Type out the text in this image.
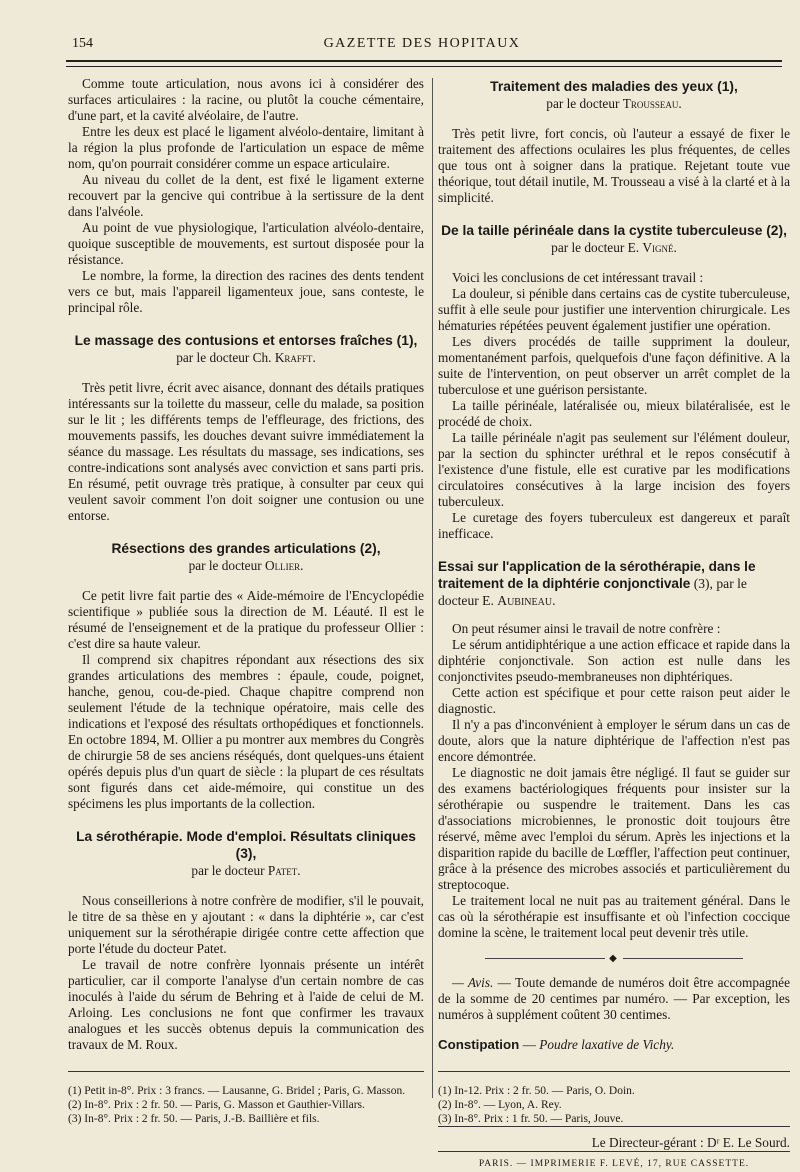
154	GAZETTE DES HOPITAUX

Comme toute articulation, nous avons ici à considérer des surfaces articulaires : la racine, ou plutôt la couche cémentaire, d'une part, et la cavité alvéolaire, de l'autre.

Entre les deux est placé le ligament alvéolo-dentaire, limitant à la région la plus profonde de l'articulation un espace de même nom, qu'on pourrait considérer comme un espace articulaire.

Au niveau du collet de la dent, est fixé le ligament externe recouvert par la gencive qui contribue à la sertissure de la dent dans l'alvéole.

Au point de vue physiologique, l'articulation alvéolo-dentaire, quoique susceptible de mouvements, est surtout disposée pour la résistance.

Le nombre, la forme, la direction des racines des dents tendent vers ce but, mais l'appareil ligamenteux joue, sans conteste, le principal rôle.

Le massage des contusions et entorses fraîches (1),
par le docteur Ch. Krafft.

Très petit livre, écrit avec aisance, donnant des détails pratiques intéressants sur la toilette du masseur, celle du malade, sa position sur le lit ; les différents temps de l'effleurage, des frictions, des mouvements passifs, les douches devant suivre immédiatement la séance du massage. Les résultats du massage, ses indications, ses contre-indications sont analysés avec conviction et sans parti pris. En résumé, petit ouvrage très pratique, à consulter par ceux qui veulent savoir comment l'on doit soigner une contusion ou une entorse.

Résections des grandes articulations (2),
par le docteur Ollier.

Ce petit livre fait partie des « Aide-mémoire de l'Encyclopédie scientifique » publiée sous la direction de M. Léauté. Il est le résumé de l'enseignement et de la pratique du professeur Ollier : c'est dire sa haute valeur.

Il comprend six chapitres répondant aux résections des six grandes articulations des membres : épaule, coude, poignet, hanche, genou, cou-de-pied. Chaque chapitre comprend non seulement l'étude de la technique opératoire, mais celle des indications et l'exposé des résultats orthopédiques et fonctionnels. En octobre 1894, M. Ollier a pu montrer aux membres du Congrès de chirurgie 58 de ses anciens réséqués, dont quelques-uns étaient opérés depuis plus d'un quart de siècle : la plupart de ces résultats sont figurés dans cet aide-mémoire, qui constitue un des spécimens les plus importants de la collection.

La sérothérapie. Mode d'emploi. Résultats cliniques (3),
par le docteur Patet.

Nous conseillerions à notre confrère de modifier, s'il le pouvait, le titre de sa thèse en y ajoutant : « dans la diphtérie », car c'est uniquement sur la sérothérapie dirigée contre cette affection que porte l'étude du docteur Patet.

Le travail de notre confrère lyonnais présente un intérêt particulier, car il comporte l'analyse d'un certain nombre de cas inoculés à l'aide du sérum de Behring et à l'aide de celui de M. Arloing. Les conclusions ne font que confirmer les travaux analogues et les succès obtenus depuis la communication des travaux de M. Roux.

(1) Petit in-8°. Prix : 3 francs. — Lausanne, G. Bridel ; Paris, G. Masson.

(2) In-8°. Prix : 2 fr. 50. — Paris, G. Masson et Gauthier-Villars.

(3) In-8°. Prix : 2 fr. 50. — Paris, J.-B. Baillière et fils.

Traitement des maladies des yeux (1),
par le docteur Trousseau.

Très petit livre, fort concis, où l'auteur a essayé de fixer le traitement des affections oculaires les plus fréquentes, de celles que tous ont à soigner dans la pratique. Rejetant toute vue théorique, tout détail inutile, M. Trousseau a visé à la clarté et à la simplicité.

De la taille périnéale dans la cystite tuberculeuse (2),
par le docteur E. Vigné.

Voici les conclusions de cet intéressant travail :

La douleur, si pénible dans certains cas de cystite tuberculeuse, suffit à elle seule pour justifier une intervention chirurgicale. Les hématuries répétées peuvent également justifier une opération.

Les divers procédés de taille suppriment la douleur, momentanément parfois, quelquefois d'une façon définitive. A la suite de l'intervention, on peut observer un arrêt complet de la tuberculose et une guérison persistante.

La taille périnéale, latéralisée ou, mieux bilatéralisée, est le procédé de choix.

La taille périnéale n'agit pas seulement sur l'élément douleur, par la section du sphincter uréthral et le repos consécutif à l'existence d'une fistule, elle est curative par les modifications circulatoires consécutives à la large incision des foyers tuberculeux.

Le curetage des foyers tuberculeux est dangereux et paraît inefficace.

Essai sur l'application de la sérothérapie, dans le traitement de la diphtérie conjonctivale (3), par le docteur E. Aubineau.

On peut résumer ainsi le travail de notre confrère :

Le sérum antidiphtérique a une action efficace et rapide dans la diphtérie conjonctivale. Son action est nulle dans les conjonctivites pseudo-membraneuses non diphtériques.

Cette action est spécifique et pour cette raison peut aider le diagnostic.

Il n'y a pas d'inconvénient à employer le sérum dans un cas de doute, alors que la nature diphtérique de l'affection n'est pas encore démontrée.

Le diagnostic ne doit jamais être négligé. Il faut se guider sur des examens bactériologiques fréquents pour insister sur la sérothérapie ou suspendre le traitement. Dans les cas d'associations microbiennes, le pronostic doit toujours être réservé, même avec l'emploi du sérum. Après les injections et la disparition rapide du bacille de Lœffler, l'affection peut continuer, grâce à la présence des microbes associés et particulièrement du streptocoque.

Le traitement local ne nuit pas au traitement général. Dans le cas où la sérothérapie est insuffisante et où l'infection coccique domine la scène, le traitement local peut devenir très utile.

◆

— Avis. — Toute demande de numéros doit être accompagnée de la somme de 20 centimes par numéro. — Par exception, les numéros à supplément coûtent 30 centimes.

Constipation — Poudre laxative de Vichy.

(1) In-12. Prix : 2 fr. 50. — Paris, O. Doin.

(2) In-8°. — Lyon, A. Rey.

(3) In-8°. Prix : 1 fr. 50. — Paris, Jouve.

Le Directeur-gérant : Dʳ E. Le Sourd.

PARIS. — IMPRIMERIE F. LEVÉ, 17, RUE CASSETTE.
